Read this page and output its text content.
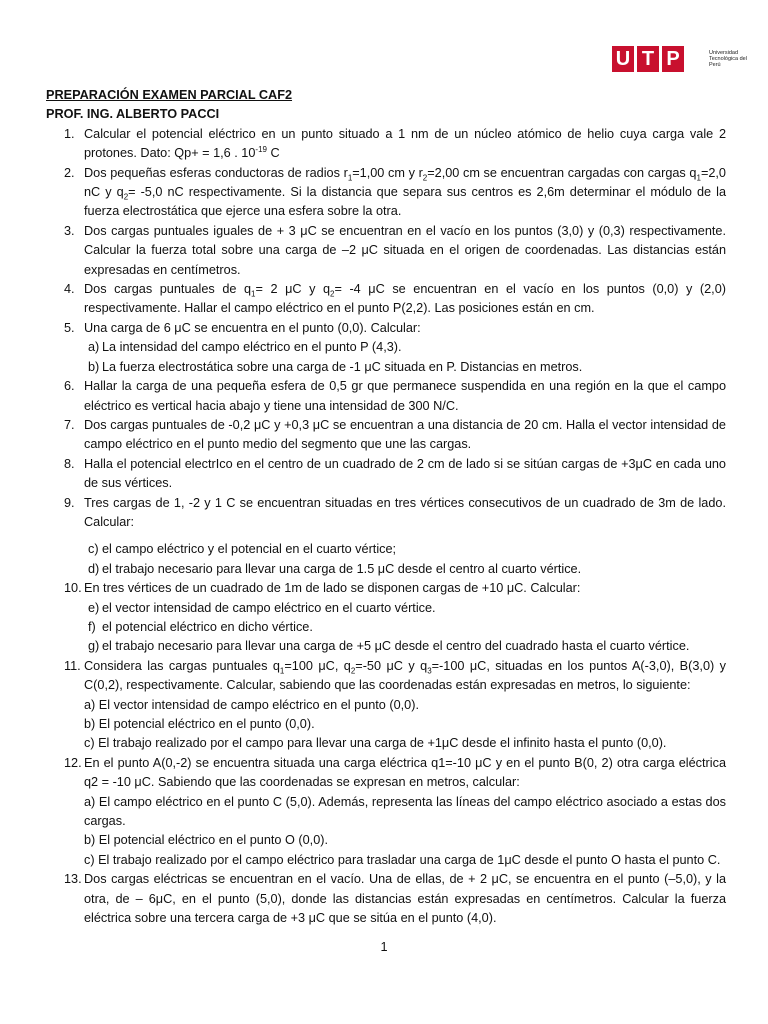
U T P	Universidad Tecnológica del Perú

PREPARACIÓN EXAMEN PARCIAL CAF2

PROF. ING. ALBERTO PACCI

1. Calcular el potencial eléctrico en un punto situado a 1 nm de un núcleo atómico de helio cuya carga vale 2 protones. Dato: Qp+ = 1,6 . $10^{-19}$ C
2. Dos pequeñas esferas conductoras de radios $r_1=1,00$ cm y $r_2=2,00$ cm se encuentran cargadas con cargas $q_1=2,0$ nC y $q_2= -5,0$ nC respectivamente. Si la distancia que separa sus centros es 2,6m determinar el módulo de la fuerza electrostática que ejerce una esfera sobre la otra.
3. Dos cargas puntuales iguales de + 3 μC se encuentran en el vacío en los puntos (3,0) y (0,3) respectivamente. Calcular la fuerza total sobre una carga de –2 μC situada en el origen de coordenadas. Las distancias están expresadas en centímetros.
4. Dos cargas puntuales de $q_1= 2$ μC y $q_2= -4$ μC se encuentran en el vacío en los puntos (0,0) y (2,0) respectivamente. Hallar el campo eléctrico en el punto P(2,2). Las posiciones están en cm.
5. Una carga de 6 μC se encuentra en el punto (0,0). Calcular:
a) La intensidad del campo eléctrico en el punto P (4,3).
b) La fuerza electrostática sobre una carga de -1 μC situada en P. Distancias en metros.
6. Hallar la carga de una pequeña esfera de 0,5 gr que permanece suspendida en una región en la que el campo eléctrico es vertical hacia abajo y tiene una intensidad de 300 N/C.
7. Dos cargas puntuales de -0,2 μC y +0,3 μC se encuentran a una distancia de 20 cm. Halla el vector intensidad de campo eléctrico en el punto medio del segmento que une las cargas.
8. Halla el potencial electrIco en el centro de un cuadrado de 2 cm de lado si se sitúan cargas de +3μC en cada uno de sus vértices.
9. Tres cargas de 1, -2 y 1 C se encuentran situadas en tres vértices consecutivos de un cuadrado de 3m de lado. Calcular:
c) el campo eléctrico y el potencial en el cuarto vértice;
d) el trabajo necesario para llevar una carga de 1.5 μC desde el centro al cuarto vértice.
10. En tres vértices de un cuadrado de 1m de lado se disponen cargas de +10 μC. Calcular:
e) el vector intensidad de campo eléctrico en el cuarto vértice.
f) el potencial eléctrico en dicho vértice.
g) el trabajo necesario para llevar una carga de +5 μC desde el centro del cuadrado hasta el cuarto vértice.
11. Considera las cargas puntuales $q_1=100$ μC, $q_2=-50$ μC y $q_3=-100$ μC, situadas en los puntos A(-3,0), B(3,0) y C(0,2), respectivamente. Calcular, sabiendo que las coordenadas están expresadas en metros, lo siguiente:
a) El vector intensidad de campo eléctrico en el punto (0,0).
b) El potencial eléctrico en el punto (0,0).
c) El trabajo realizado por el campo para llevar una carga de +1μC desde el infinito hasta el punto (0,0).
12. En el punto A(0,-2) se encuentra situada una carga eléctrica q1=-10 μC y en el punto B(0, 2) otra carga eléctrica q2 = -10 μC. Sabiendo que las coordenadas se expresan en metros, calcular:
a) El campo eléctrico en el punto C (5,0). Además, representa las líneas del campo eléctrico asociado a estas dos cargas.
b) El potencial eléctrico en el punto O (0,0).
c) El trabajo realizado por el campo eléctrico para trasladar una carga de 1μC desde el punto O hasta el punto C.
13. Dos cargas eléctricas se encuentran en el vacío. Una de ellas, de + 2 μC, se encuentra en el punto (–5,0), y la otra, de – 6μC, en el punto (5,0), donde las distancias están expresadas en centímetros. Calcular la fuerza eléctrica sobre una tercera carga de +3 μC que se sitúa en el punto (4,0).
1
